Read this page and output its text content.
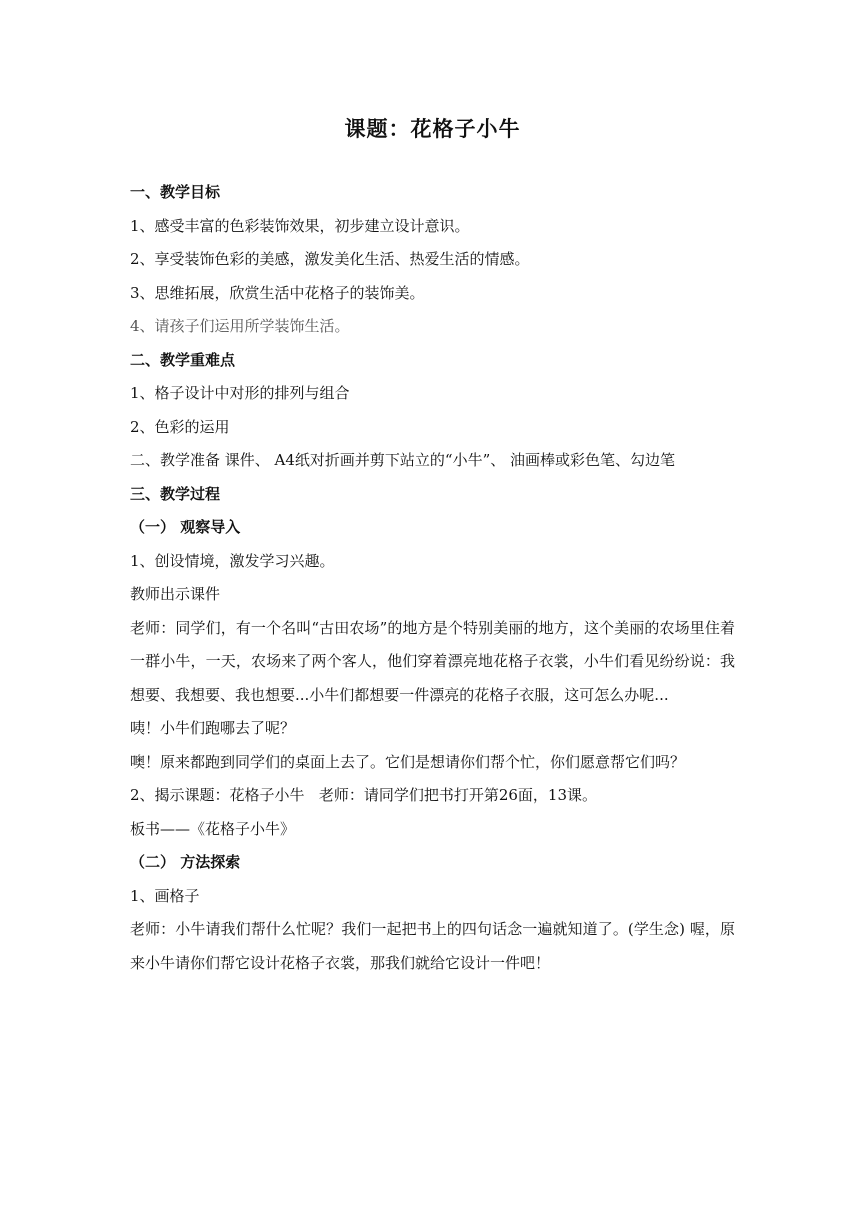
课题：花格子小牛
一、教学目标
1、感受丰富的色彩装饰效果，初步建立设计意识。
2、享受装饰色彩的美感，激发美化生活、热爱生活的情感。
3、思维拓展，欣赏生活中花格子的装饰美。
4、请孩子们运用所学装饰生活。
二、教学重难点
1、格子设计中对形的排列与组合
2、色彩的运用
二、教学准备 课件、 A4纸对折画并剪下站立的“小牛”、 油画棒或彩色笔、勾边笔
三、教学过程
（一） 观察导入
1、创设情境，激发学习兴趣。
教师出示课件
老师：同学们，有一个名叫“古田农场”的地方是个特别美丽的地方，这个美丽的农场里住着一群小牛，一天，农场来了两个客人，他们穿着漂亮地花格子衣裳，小牛们看见纷纷说：我想要、我想要、我也想要...小牛们都想要一件漂亮的花格子衣服，这可怎么办呢...
咦！小牛们跑哪去了呢？
噢！原来都跑到同学们的桌面上去了。它们是想请你们帮个忙，你们愿意帮它们吗？
2、揭示课题：花格子小牛   老师：请同学们把书打开第26面，13课。
板书——《花格子小牛》
（二） 方法探索
1、画格子
老师：小牛请我们帮什么忙呢？我们一起把书上的四句话念一遍就知道了。(学生念) 喔，原来小牛请你们帮它设计花格子衣裳，那我们就给它设计一件吧！
